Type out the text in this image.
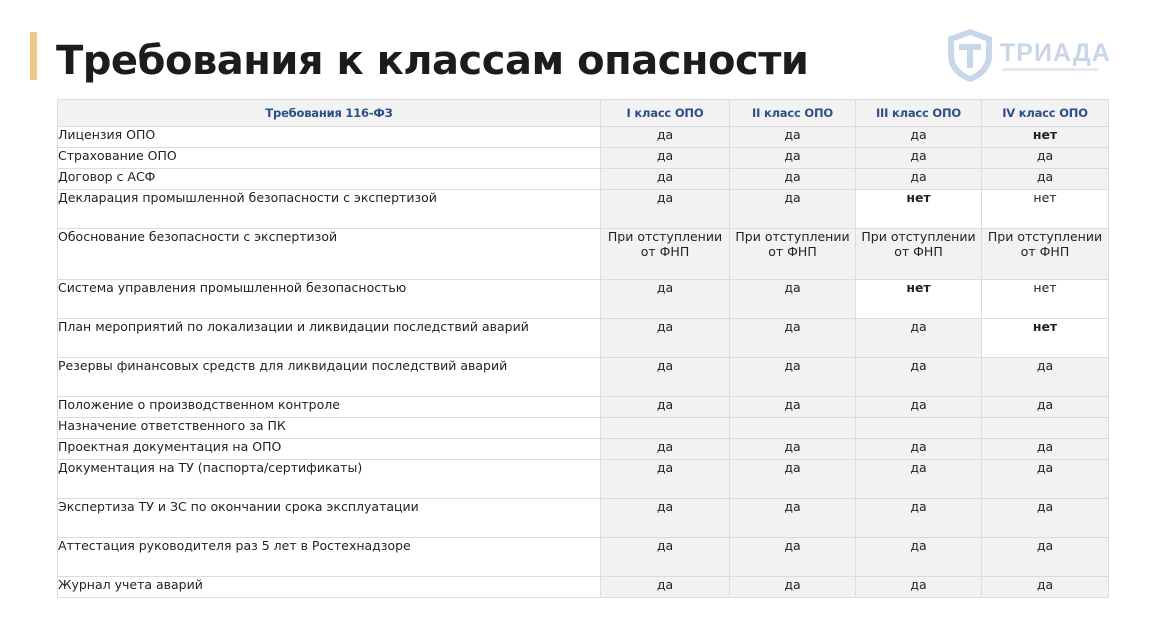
Требования к классам опасности	ТРИАДА
Требования 116-ФЗ	I класс ОПО	II класс ОПО	III класс ОПО	IV класс ОПО
Лицензия ОПО	да	да	да	нет
Страхование ОПО	да	да	да	да
Договор с АСФ	да	да	да	да
Декларация промышленной безопасности с экспертизой	да	да	нет	нет
Обоснование безопасности с экспертизой	При отступлении от ФНП	При отступлении от ФНП	При отступлении от ФНП	При отступлении от ФНП
Система управления промышленной безопасностью	да	да	нет	нет
План мероприятий по локализации и ликвидации последствий аварий	да	да	да	нет
Резервы финансовых средств для ликвидации последствий аварий	да	да	да	да
Положение о производственном контроле	да	да	да	да
Назначение ответственного за ПК				
Проектная документация на ОПО	да	да	да	да
Документация на ТУ (паспорта/сертификаты)	да	да	да	да
Экспертиза ТУ и ЗС по окончании срока эксплуатации	да	да	да	да
Аттестация руководителя раз 5 лет в Ростехнадзоре	да	да	да	да
Журнал учета аварий	да	да	да	да
